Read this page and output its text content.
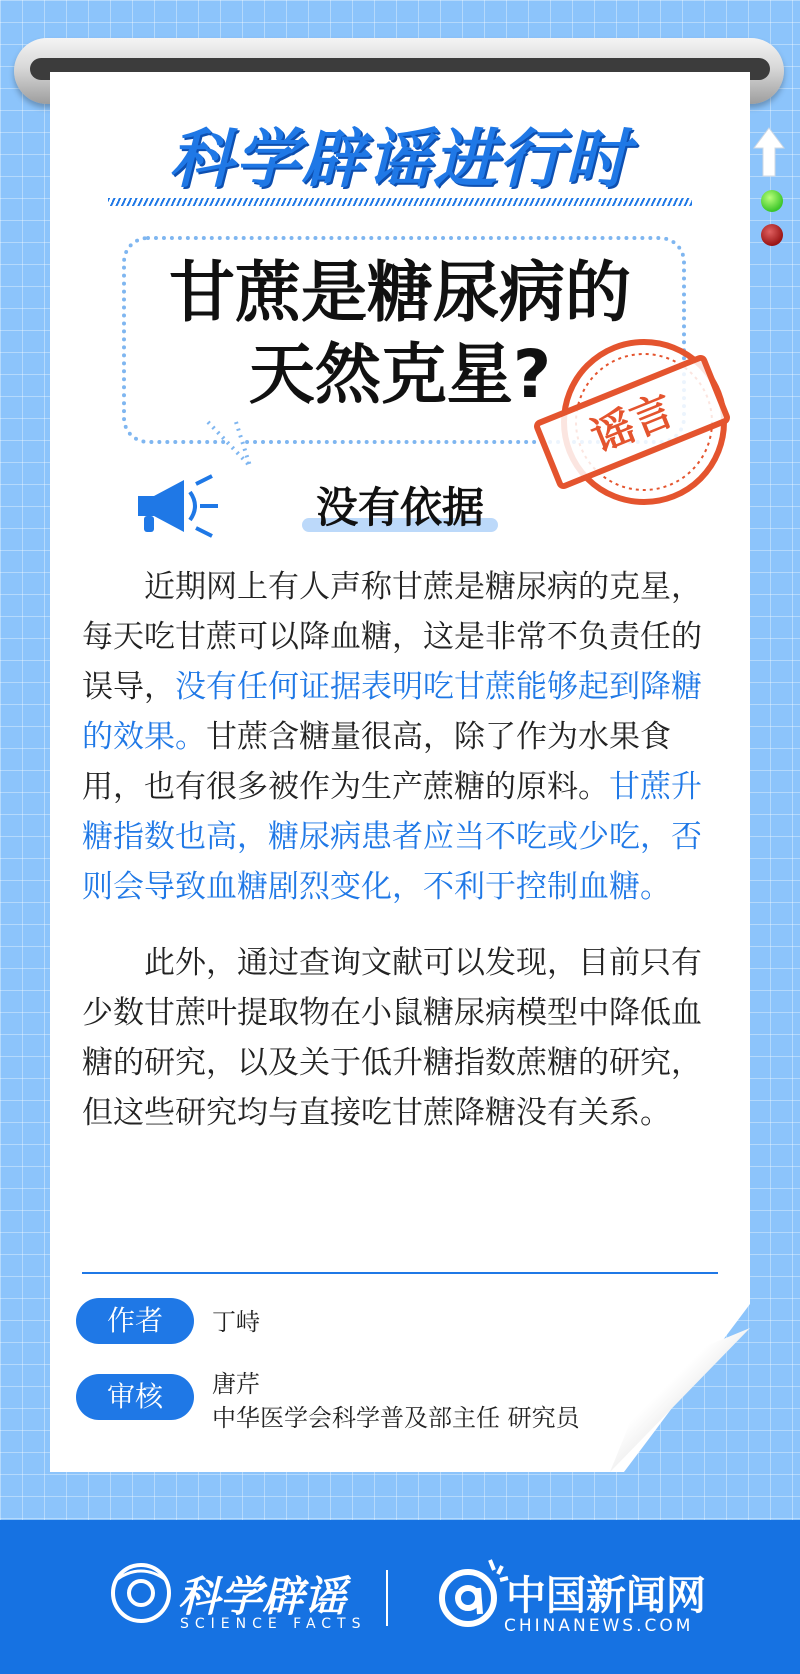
科学辟谣进行时
甘蔗是糖尿病的
天然克星?
谣言
没有依据

近期网上有人声称甘蔗是糖尿病的克星，每天吃甘蔗可以降血糖，这是非常不负责任的误导，没有任何证据表明吃甘蔗能够起到降糖的效果。甘蔗含糖量很高，除了作为水果食用，也有很多被作为生产蔗糖的原料。甘蔗升糖指数也高，糖尿病患者应当不吃或少吃，否则会导致血糖剧烈变化，不利于控制血糖。

此外，通过查询文献可以发现，目前只有少数甘蔗叶提取物在小鼠糖尿病模型中降低血糖的研究，以及关于低升糖指数蔗糖的研究，但这些研究均与直接吃甘蔗降糖没有关系。

作者	丁峙
审核	唐芹
中华医学会科学普及部主任 研究员
科学辟谣
SCIENCE FACTS
中国新闻网
CHINANEWS.COM
